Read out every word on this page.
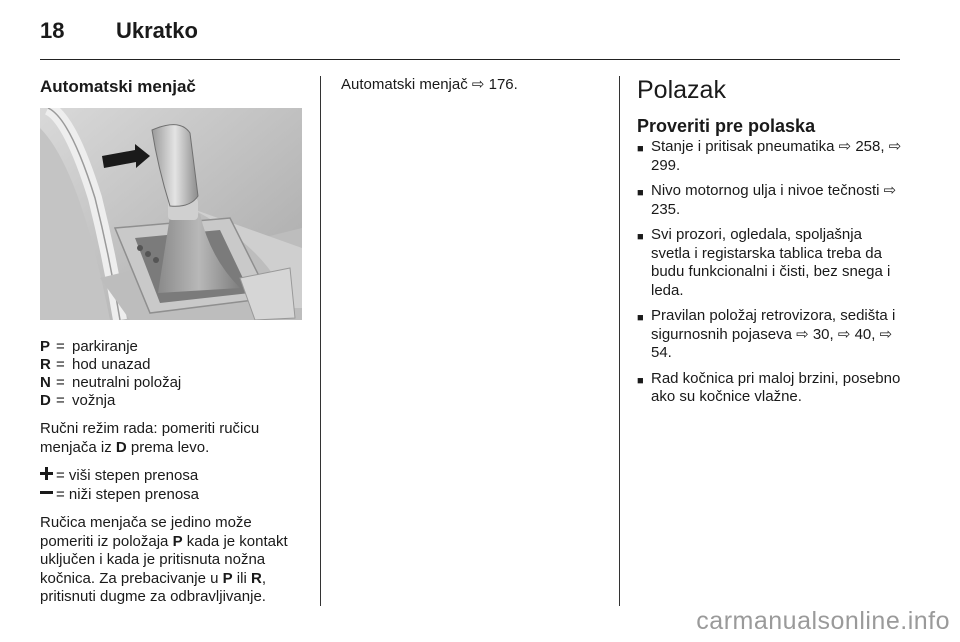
18 Ukratko
Automatski menjač
P = parkiranje
R = hod unazad
N = neutralni položaj
D = vožnja
Ručni režim rada: pomeriti ručicu menjača iz D prema levo.
= viši stepen prenosa
= niži stepen prenosa
Ručica menjača se jedino može pomeriti iz položaja P kada je kontakt uključen i kada je pritisnuta nožna kočnica. Za prebacivanje u P ili R, pritisnuti dugme za odbravljivanje.
Automatski menjač ⇨ 176.	Polazak
Proveriti pre polaska
■ Stanje i pritisak pneumatika ⇨ 258, ⇨ 299.
■ Nivo motornog ulja i nivoe tečnosti ⇨ 235.
■ Svi prozori, ogledala, spoljašnja svetla i registarska tablica treba da budu funkcionalni i čisti, bez snega i leda.
■ Pravilan položaj retrovizora, sedišta i sigurnosnih pojaseva ⇨ 30, ⇨ 40, ⇨ 54.
■ Rad kočnica pri maloj brzini, posebno ako su kočnice vlažne.
carmanualsonline.info
